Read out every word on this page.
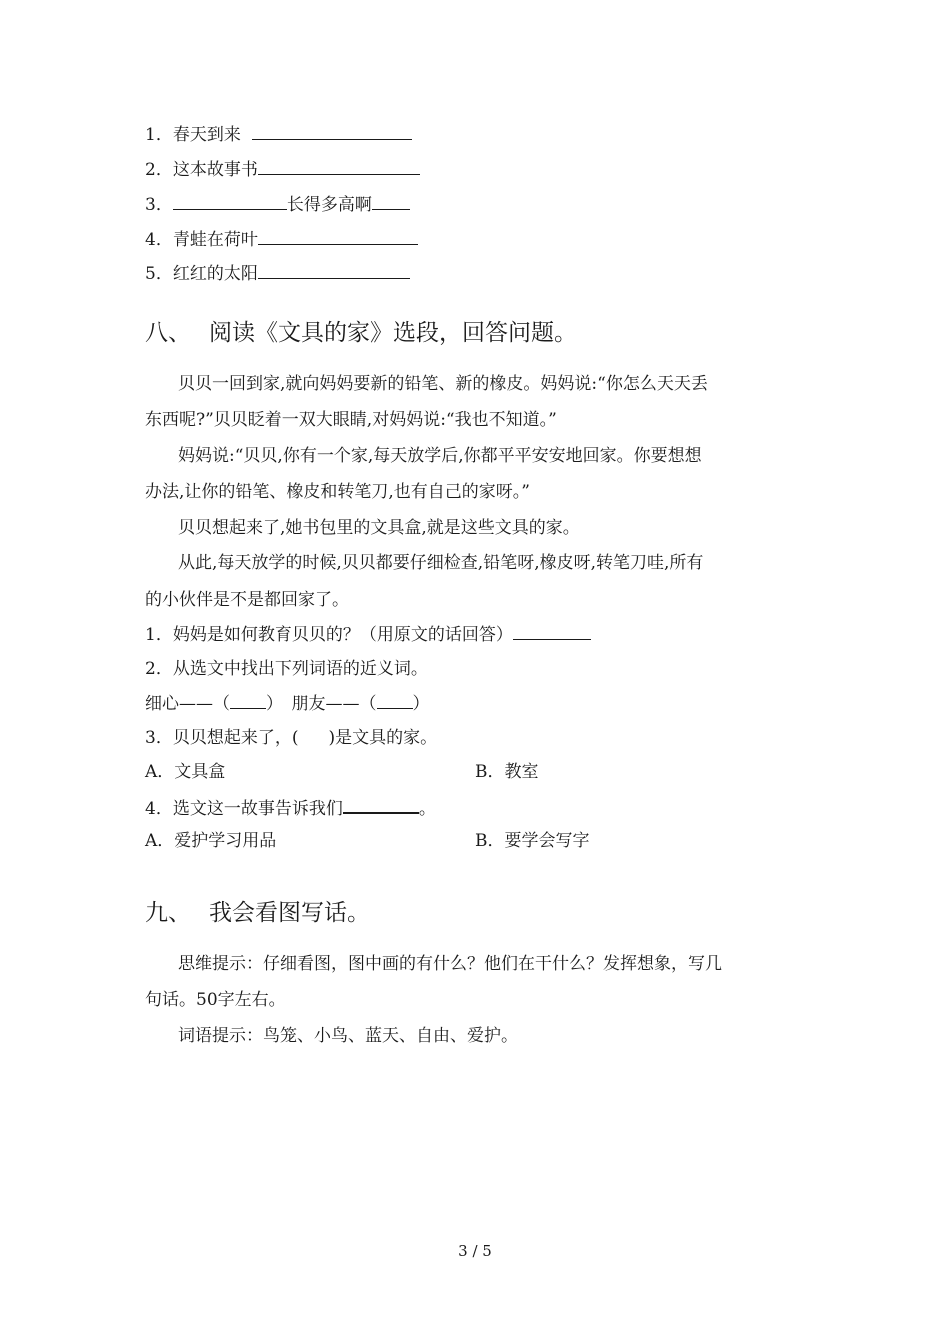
1．春天到来
2．这本故事书
3．	长得多高啊
4．青蛙在荷叶
5．红红的太阳
八、 阅读《文具的家》选段，回答问题。
贝贝一回到家,就向妈妈要新的铅笔、新的橡皮。妈妈说:“你怎么天天丢
东西呢?”贝贝眨着一双大眼睛,对妈妈说:“我也不知道。”
妈妈说:“贝贝,你有一个家,每天放学后,你都平平安安地回家。你要想想
办法,让你的铅笔、橡皮和转笔刀,也有自己的家呀。”
贝贝想起来了,她书包里的文具盒,就是这些文具的家。
从此,每天放学的时候,贝贝都要仔细检查,铅笔呀,橡皮呀,转笔刀哇,所有
的小伙伴是不是都回家了。
1．妈妈是如何教育贝贝的？（用原文的话回答）
2．从选文中找出下列词语的近义词。
细心——（ ）　朋友——（ ）
3．贝贝想起来了，( )是文具的家。
A．文具盒	B．教室
4．选文这一故事告诉我们	。
A．爱护学习用品	B．要学会写字
九、 我会看图写话。
思维提示：仔细看图，图中画的有什么？他们在干什么？发挥想象，写几
句话。50字左右。
词语提示：鸟笼、小鸟、蓝天、自由、爱护。
3 / 5
